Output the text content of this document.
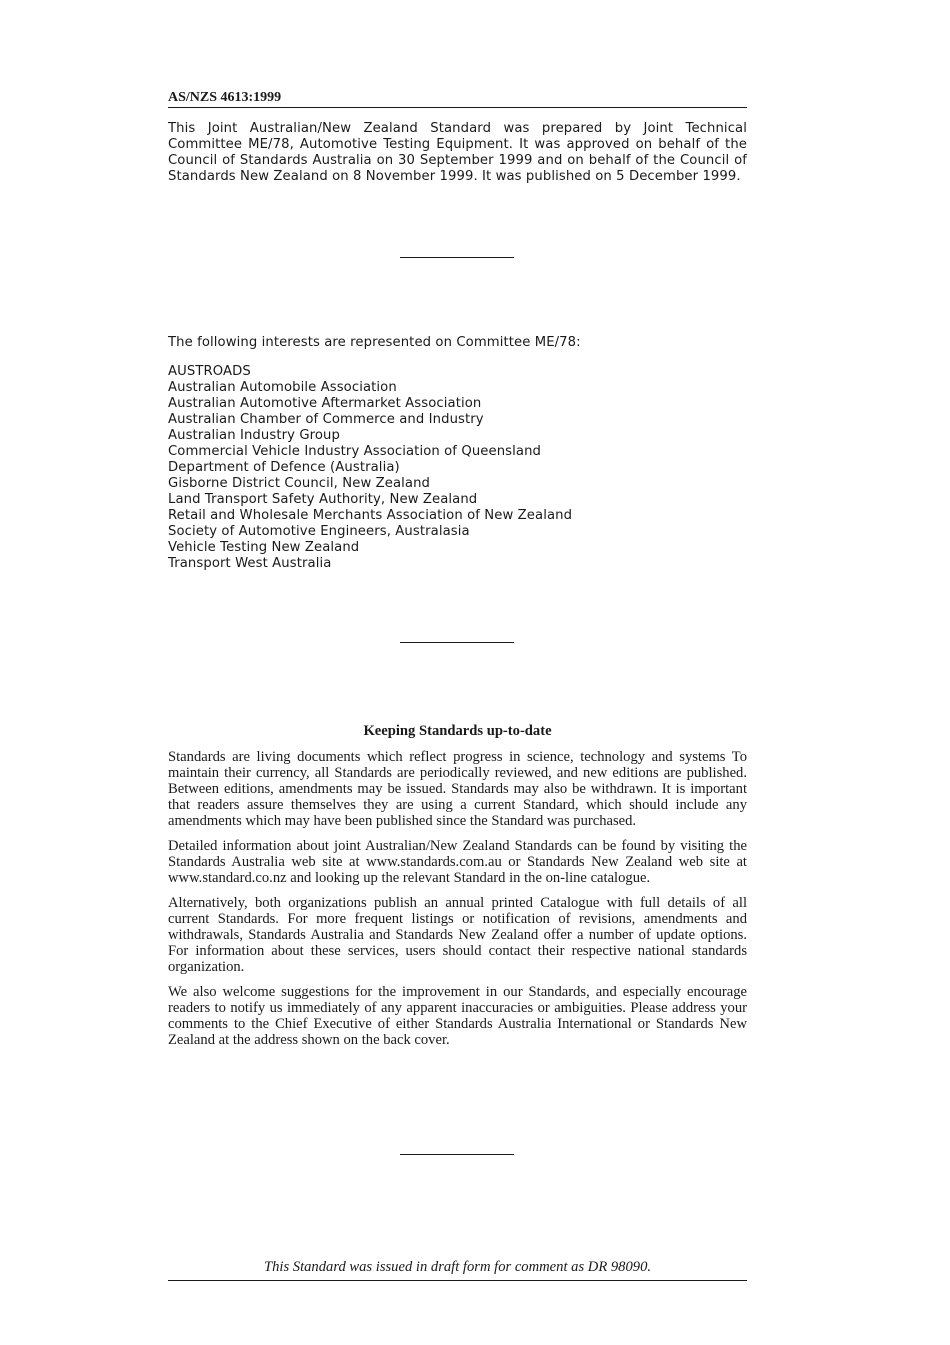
AS/NZS 4613:1999

This Joint Australian/New Zealand Standard was prepared by Joint Technical Committee ME/78, Automotive Testing Equipment. It was approved on behalf of the Council of Standards Australia on 30 September 1999 and on behalf of the Council of Standards New Zealand on 8 November 1999. It was published on 5 December 1999.

The following interests are represented on Committee ME/78:

AUSTROADS
Australian Automobile Association
Australian Automotive Aftermarket Association
Australian Chamber of Commerce and Industry
Australian Industry Group
Commercial Vehicle Industry Association of Queensland
Department of Defence (Australia)
Gisborne District Council, New Zealand
Land Transport Safety Authority, New Zealand
Retail and Wholesale Merchants Association of New Zealand
Society of Automotive Engineers, Australasia
Vehicle Testing New Zealand
Transport West Australia
Keeping Standards up-to-date

Standards are living documents which reflect progress in science, technology and systems To maintain their currency, all Standards are periodically reviewed, and new editions are published. Between editions, amendments may be issued. Standards may also be withdrawn. It is important that readers assure themselves they are using a current Standard, which should include any amendments which may have been published since the Standard was purchased.

Detailed information about joint Australian/New Zealand Standards can be found by visiting the Standards Australia web site at www.standards.com.au or Standards New Zealand web site at www.standard.co.nz and looking up the relevant Standard in the on-line catalogue.

Alternatively, both organizations publish an annual printed Catalogue with full details of all current Standards. For more frequent listings or notification of revisions, amendments and withdrawals, Standards Australia and Standards New Zealand offer a number of update options. For information about these services, users should contact their respective national standards organization.

We also welcome suggestions for the improvement in our Standards, and especially encourage readers to notify us immediately of any apparent inaccuracies or ambiguities. Please address your comments to the Chief Executive of either Standards Australia International or Standards New Zealand at the address shown on the back cover.

This Standard was issued in draft form for comment as DR 98090.
